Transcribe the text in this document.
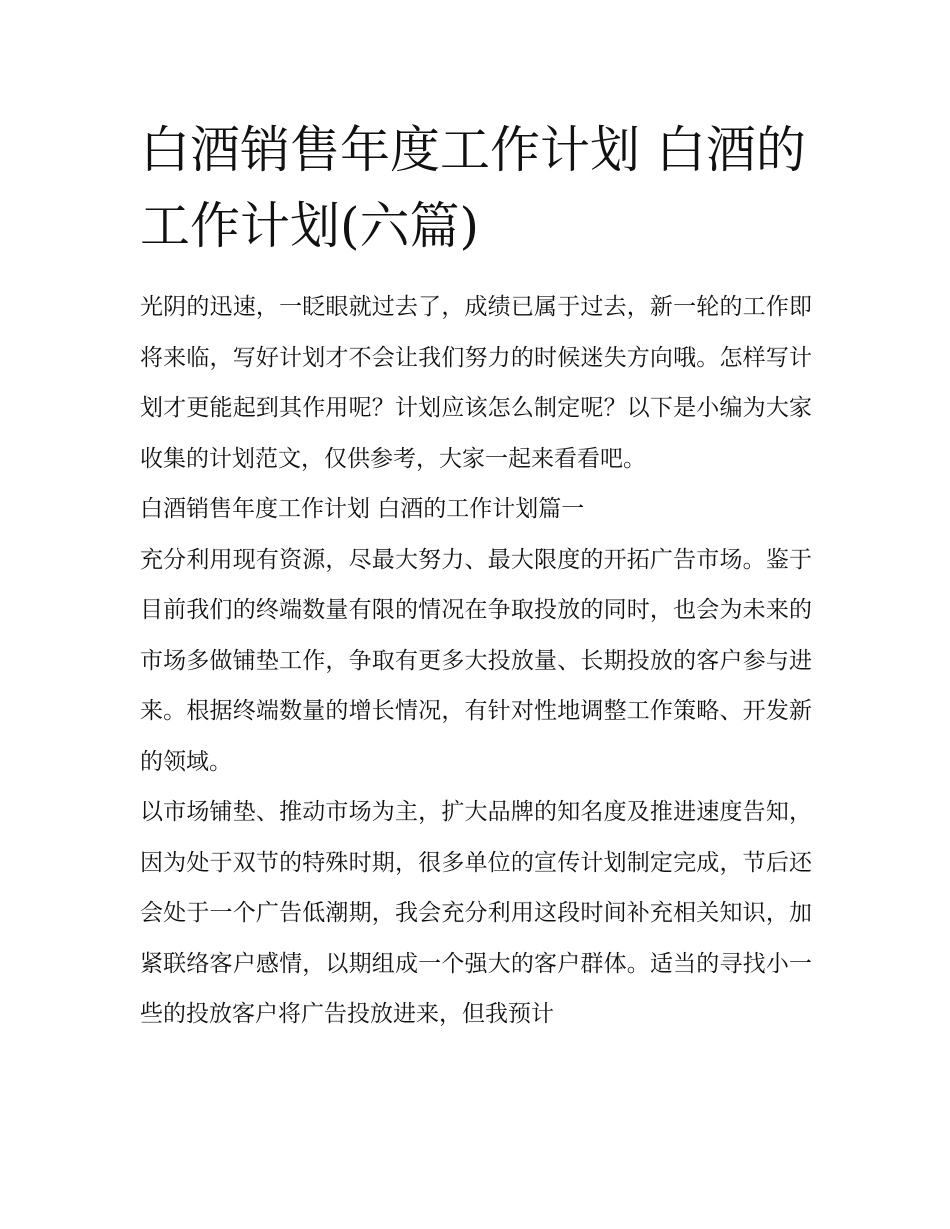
白酒销售年度工作计划 白酒的工作计划(六篇)

光阴的迅速，一眨眼就过去了，成绩已属于过去，新一轮的工作即将来临，写好计划才不会让我们努力的时候迷失方向哦。怎样写计划才更能起到其作用呢？计划应该怎么制定呢？以下是小编为大家收集的计划范文，仅供参考，大家一起来看看吧。

白酒销售年度工作计划 白酒的工作计划篇一

充分利用现有资源，尽最大努力、最大限度的开拓广告市场。鉴于目前我们的终端数量有限的情况在争取投放的同时，也会为未来的市场多做铺垫工作，争取有更多大投放量、长期投放的客户参与进来。根据终端数量的增长情况，有针对性地调整工作策略、开发新的领域。

以市场铺垫、推动市场为主，扩大品牌的知名度及推进速度告知，因为处于双节的特殊时期，很多单位的宣传计划制定完成，节后还会处于一个广告低潮期，我会充分利用这段时间补充相关知识，加紧联络客户感情，以期组成一个强大的客户群体。适当的寻找小一些的投放客户将广告投放进来，但我预计
